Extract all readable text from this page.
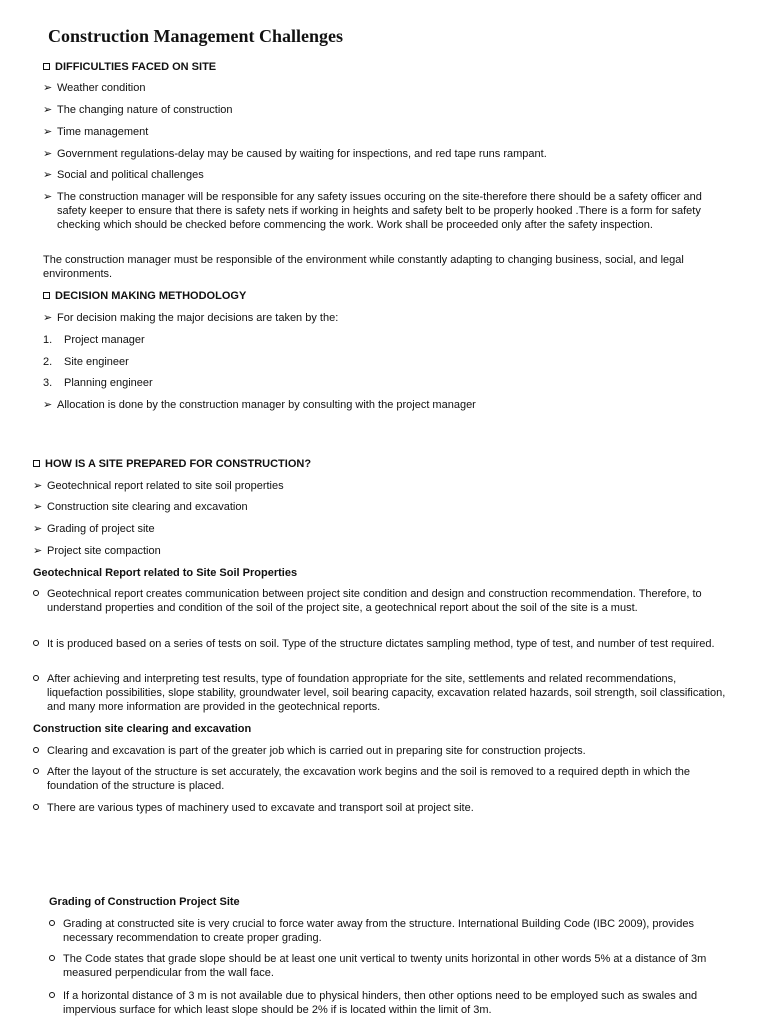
Construction Management Challenges
DIFFICULTIES FACED ON SITE
➢ Weather condition
➢ The changing nature of construction
➢ Time management
➢ Government regulations-delay may be caused by waiting for inspections, and red tape runs rampant.
➢ Social and political challenges
➢ The construction manager will be responsible for any safety issues occuring on the site-therefore there should be a safety officer and safety keeper to ensure that there is safety nets if working in heights and safety belt to be properly hooked .There is a form for safety checking which should be checked before commencing the work. Work shall be proceeded only after the safety inspection.
The construction manager must be responsible of the environment while constantly adapting to changing business, social, and legal environments.
DECISION MAKING METHODOLOGY
➢ For decision making the major decisions are taken by the:
1. Project manager
2. Site engineer
3. Planning engineer
➢ Allocation is done by the construction manager by consulting with the project manager
HOW IS A SITE PREPARED FOR CONSTRUCTION?
➢ Geotechnical report related to site soil properties
➢ Construction site clearing and excavation
➢ Grading of project site
➢ Project site compaction
Geotechnical Report related to Site Soil Properties
Geotechnical report creates communication between project site condition and design and construction recommendation. Therefore, to understand properties and condition of the soil of the project site, a geotechnical report about the soil of the site is a must.
It is produced based on a series of tests on soil. Type of the structure dictates sampling method, type of test, and number of test required.
After achieving and interpreting test results, type of foundation appropriate for the site, settlements and related recommendations, liquefaction possibilities, slope stability, groundwater level, soil bearing capacity, excavation related hazards, soil strength, soil classification, and many more information are provided in the geotechnical reports.
Construction site clearing and excavation
Clearing and excavation is part of the greater job which is carried out in preparing site for construction projects.
After the layout of the structure is set accurately, the excavation work begins and the soil is removed to a required depth in which the foundation of the structure is placed.
There are various types of machinery used to excavate and transport soil at project site.
Grading of Construction Project Site
Grading at constructed site is very crucial to force water away from the structure. International Building Code (IBC 2009), provides necessary recommendation to create proper grading.
The Code states that grade slope should be at least one unit vertical to twenty units horizontal in other words 5% at a distance of 3m measured perpendicular from the wall face.
If a horizontal distance of 3 m is not available due to physical hinders, then other options need to be employed such as swales and impervious surface for which least slope should be 2% if is located within the limit of 3m.
